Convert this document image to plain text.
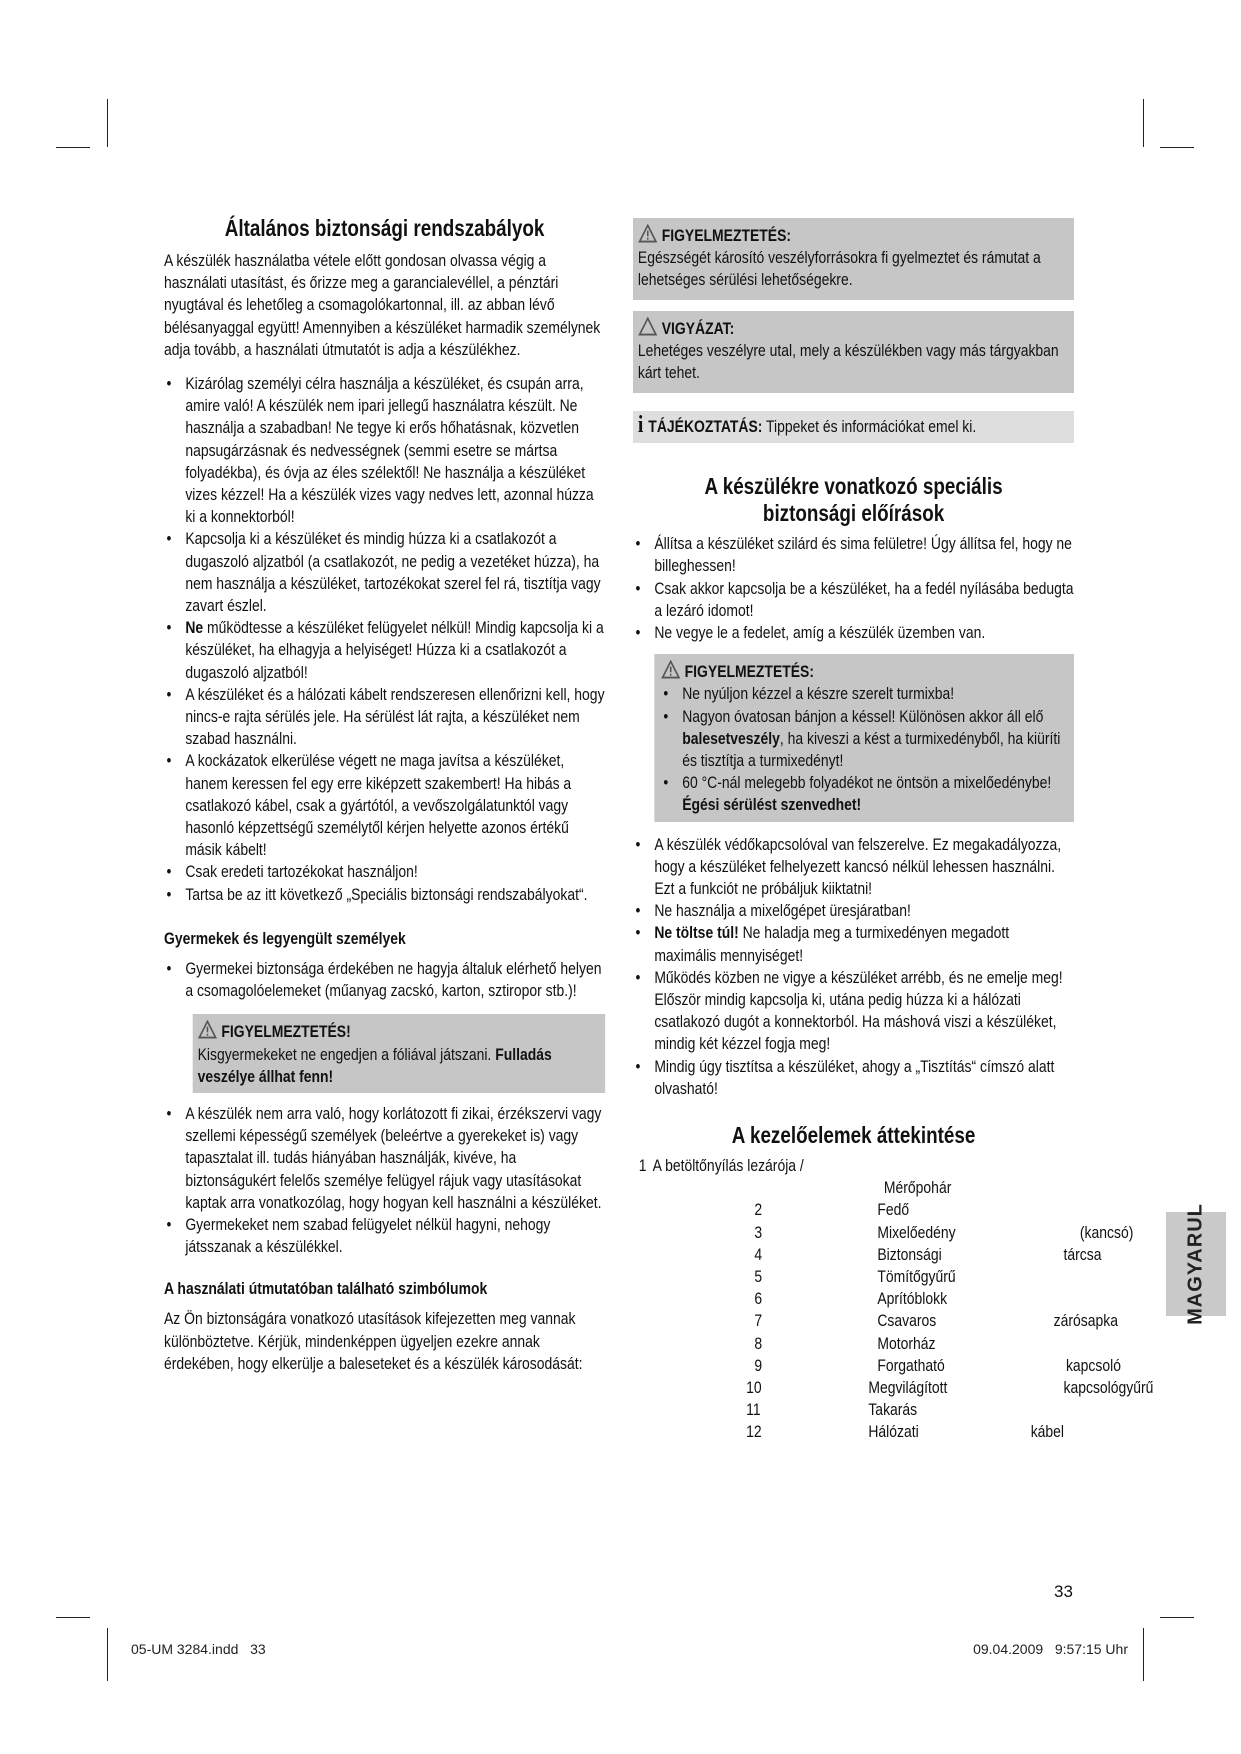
Általános biztonsági rendszabályok

A készülék használatba vétele előtt gondosan olvassa végig a használati utasítást, és őrizze meg a garancialevéllel, a pénztári nyugtával és lehetőleg a csomagolókartonnal, ill. az abban lévő bélésanyaggal együtt! Amennyiben a készüléket harmadik személynek adja tovább, a használati útmutatót is adja a készülékhez.

• Kizárólag személyi célra használja a készüléket, és csupán arra, amire való! A készülék nem ipari jellegű használatra készült. Ne használja a szabadban! Ne tegye ki erős hőhatásnak, közvetlen napsugárzásnak és nedvességnek (semmi esetre se mártsa folyadékba), és óvja az éles szélektől! Ne használja a készüléket vizes kézzel! Ha a készülék vizes vagy nedves lett, azonnal húzza ki a konnektorból!
• Kapcsolja ki a készüléket és mindig húzza ki a csatlakozót a dugaszoló aljzatból (a csatlakozót, ne pedig a vezetéket húzza), ha nem használja a készüléket, tartozékokat szerel fel rá, tisztítja vagy zavart észlel.
• Ne működtesse a készüléket felügyelet nélkül! Mindig kapcsolja ki a készüléket, ha elhagyja a helyiséget! Húzza ki a csatlakozót a dugaszoló aljzatból!
• A készüléket és a hálózati kábelt rendszeresen ellenőrizni kell, hogy nincs-e rajta sérülés jele. Ha sérülést lát rajta, a készüléket nem szabad használni.
• A kockázatok elkerülése végett ne maga javítsa a készüléket, hanem keressen fel egy erre kiképzett szakembert! Ha hibás a csatlakozó kábel, csak a gyártótól, a vevőszolgálatunktól vagy hasonló képzettségű személytől kérjen helyette azonos értékű másik kábelt!
• Csak eredeti tartozékokat használjon!
• Tartsa be az itt következő „Speciális biztonsági rendszabályokat“.
Gyermekek és legyengült személyek
• Gyermekei biztonsága érdekében ne hagyja általuk elérhető helyen a csomagolóelemeket (műanyag zacskó, karton, sztiropor stb.)!
FIGYELMEZTETÉS!
Kisgyermekeket ne engedjen a fóliával játszani. Fulladás veszélye állhat fenn!
• A készülék nem arra való, hogy korlátozott fi zikai, érzékszervi vagy szellemi képességű személyek (beleértve a gyerekeket is) vagy tapasztalat ill. tudás hiányában használják, kivéve, ha biztonságukért felelős személye felügyel rájuk vagy utasításokat kaptak arra vonatkozólag, hogy hogyan kell használni a készüléket.
• Gyermekeket nem szabad felügyelet nélkül hagyni, nehogy játsszanak a készülékkel.
A használati útmutatóban található szimbólumok

Az Ön biztonságára vonatkozó utasítások kifejezetten meg vannak különböztetve. Kérjük, mindenképpen ügyeljen ezekre annak érdekében, hogy elkerülje a baleseteket és a készülék károsodását:

FIGYELMEZTETÉS:
Egészségét károsító veszélyforrásokra fi gyelmeztet és rámutat a lehetséges sérülési lehetőségekre.
VIGYÁZAT:
Lehetéges veszélyre utal, mely a készülékben vagy más tárgyakban kárt tehet.
i TÁJÉKOZTATÁS: Tippeket és információkat emel ki.
A készülékre vonatkozó speciális
biztonsági előírások
• Állítsa a készüléket szilárd és sima felületre! Úgy állítsa fel, hogy ne billeghessen!
• Csak akkor kapcsolja be a készüléket, ha a fedél nyílásába bedugta a lezáró idomot!
• Ne vegye le a fedelet, amíg a készülék üzemben van.
FIGYELMEZTETÉS:
• Ne nyúljon kézzel a készre szerelt turmixba!
• Nagyon óvatosan bánjon a késsel! Különösen akkor áll elő balesetveszély, ha kiveszi a kést a turmixedényből, ha kiüríti és tisztítja a turmixedényt!
• 60 °C-nál melegebb folyadékot ne öntsön a mixelőedénybe! Égési sérülést szenvedhet!
• A készülék védőkapcsolóval van felszerelve. Ez megakadályozza, hogy a készüléket felhelyezett kancsó nélkül lehessen használni. Ezt a funkciót ne próbáljuk kiiktatni!
• Ne használja a mixelőgépet üresjáratban!
• Ne töltse túl! Ne haladja meg a turmixedényen megadott maximális mennyiséget!
• Működés közben ne vigye a készüléket arrébb, és ne emelje meg! Először mindig kapcsolja ki, utána pedig húzza ki a hálózati csatlakozó dugót a konnektorból. Ha máshová viszi a készüléket, mindig két kézzel fogja meg!
• Mindig úgy tisztítsa a készüléket, ahogy a „Tisztítás“ címszó alatt olvasható!
A kezelőelemek áttekintése
1 A betöltőnyílás lezárója /
Mérőpohár
2	Fedő
3	Mixelőedény	(kancsó)
4	Biztonsági	tárcsa
5	Tömítőgyűrű
6	Aprítóblokk
7	Csavaros	zárósapka
8	Motorház
9	Forgatható	kapcsoló
10	Megvilágított	kapcsológyűrű
11	Takarás
12	Hálózati	kábel
MAGYARUL
33
05-UM 3284.indd   33	09.04.2009   9:57:15 Uhr
